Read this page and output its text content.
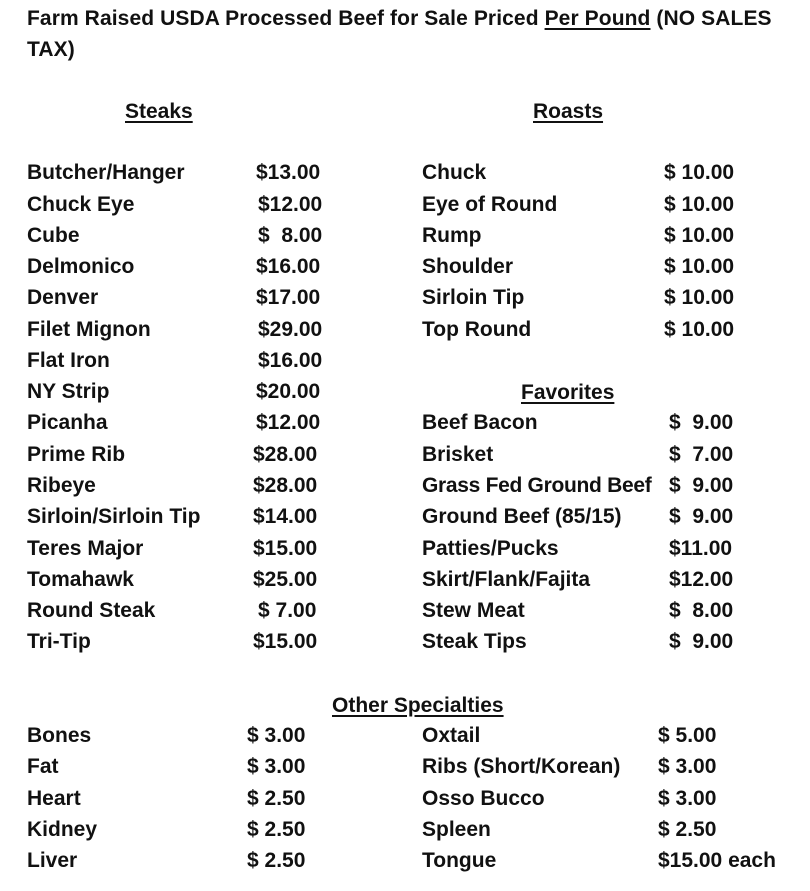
Farm Raised USDA Processed Beef for Sale Priced Per Pound (NO SALES TAX)
Steaks	Roasts
Favorites
Other Specialties
Butcher/Hanger	$13.00
Chuck Eye	$12.00
Cube	$  8.00
Delmonico	$16.00
Denver	$17.00
Filet Mignon	$29.00
Flat Iron	$16.00
NY Strip	$20.00
Picanha	$12.00
Prime Rib	$28.00
Ribeye	$28.00
Sirloin/Sirloin Tip	$14.00
Teres Major	$15.00
Tomahawk	$25.00
Round Steak	$ 7.00
Tri-Tip	$15.00
Chuck	$ 10.00
Eye of Round	$ 10.00
Rump	$ 10.00
Shoulder	$ 10.00
Sirloin Tip	$ 10.00
Top Round	$ 10.00
Beef Bacon	$  9.00
Brisket	$  7.00
Grass Fed Ground Beef $  9.00
Ground Beef (85/15) $  9.00
Patties/Pucks	$11.00
Skirt/Flank/Fajita	$12.00
Stew Meat	$  8.00
Steak Tips	$  9.00
Bones	$ 3.00
Fat	$ 3.00
Heart	$ 2.50
Kidney	$ 2.50
Liver	$ 2.50
Oxtail	$ 5.00
Ribs (Short/Korean) $ 3.00
Osso Bucco	$ 3.00
Spleen	$ 2.50
Tongue	$15.00 each
